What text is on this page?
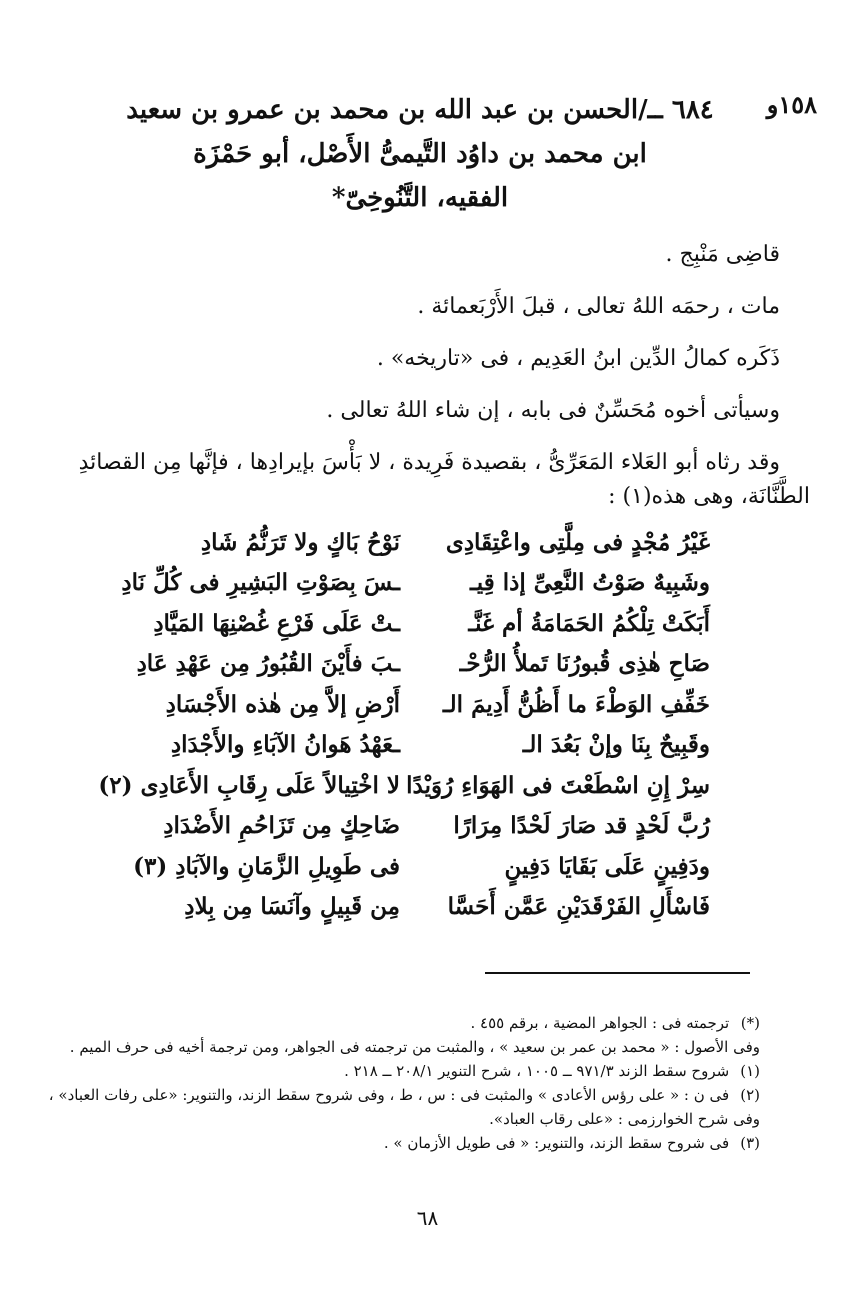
١٥٨و
٦٨٤ ــ/الحسن بن عبد الله بن محمد بن عمرو بن سعيد
ابن محمد بن داوُد التَّيمىُّ الأَصْل، أبو حَمْزَة
الفقيه، التَّنُوخِىّ*

قاضِى مَنْبِج .

مات ، رحمَه اللهُ تعالى ، قبلَ الأَرْبَعمائة .

ذَكَره كمالُ الدِّين ابنُ العَدِيم ، فى «تاريخه» .

وسيأتى أخوه مُحَسِّنٌ فى بابه ، إن شاء اللهُ تعالى .

وقد رثاه أبو العَلاء المَعَرِّىُّ ، بقصيدة فَرِيدة ، لا بَأْسَ بإيرادِها ، فإنَّها مِن القصائدِ

الطَّنَّانَة، وهى هذه(١) :

غَيْرُ مُجْدٍ فى مِلَّتِى واعْتِقَادِى
نَوْحُ بَاكٍ ولا تَرَنُّمُ شَادِ
وشَبِيهٌ صَوْتُ النَّعِىِّ إذا قِيـ
ـسَ بِصَوْتِ البَشِيرِ فى كُلِّ نَادِ
أَبَكَتْ تِلْكُمُ الحَمَامَةُ أم غَنَّـ
ـتْ عَلَى فَرْعِ غُصْنِهَا المَيَّادِ
صَاحِ هٰذِى قُبورُنَا تَملأُ الرُّحْـ
ـبَ فأَيْنَ القُبُورُ مِن عَهْدِ عَادِ
خَفِّفِ الوَطْءَ ما أَظُنُّ أَدِيمَ الـ
أَرْضِ إلاَّ مِن هٰذه الأَجْسَادِ
وقَبِيحٌ بِنَا وإنْ بَعُدَ الـ
ـعَهْدُ هَوانُ الآبَاءِ والأَجْدَادِ
سِرْ إِنِ اسْطَعْتَ فى الهَوَاءِ رُوَيْدًا
لا اخْتِيالاً عَلَى رِقَابِ الأَعَادِى (٢)
رُبَّ لَحْدٍ قد صَارَ لَحْدًا مِرَارًا
ضَاحِكٍ مِن تَزَاحُمِ الأَضْدَادِ
ودَفِينٍ عَلَى بَقَايَا دَفِينٍ
فى طَوِيلِ الزَّمَانِ والآبَادِ (٣)
فَاسْأَلِ الفَرْقَدَيْنِ عَمَّن أَحَسَّا
مِن قَبِيلٍ وآنَسَا مِن بِلادِ

(*) ترجمته فى : الجواهر المضية ، برقم ٤٥٥ .

وفى الأصول : « محمد بن عمر بن سعيد » ، والمثبت من ترجمته فى الجواهر، ومن ترجمة أخيه فى حرف الميم .

(١) شروح سقط الزند ٩٧١/٣ ــ ١٠٠٥ ، شرح التنوير ٢٠٨/١ ــ ٢١٨ .

(٢) فى ن : « على رؤس الأعادى » والمثبت فى : س ، ط ، وفى شروح سقط الزند، والتنوير: «على رفات العباد» ،

وفى شرح الخوارزمى : «على رقاب العباد».

(٣) فى شروح سقط الزند، والتنوير: « فى طويل الأزمان » .

٦٨
